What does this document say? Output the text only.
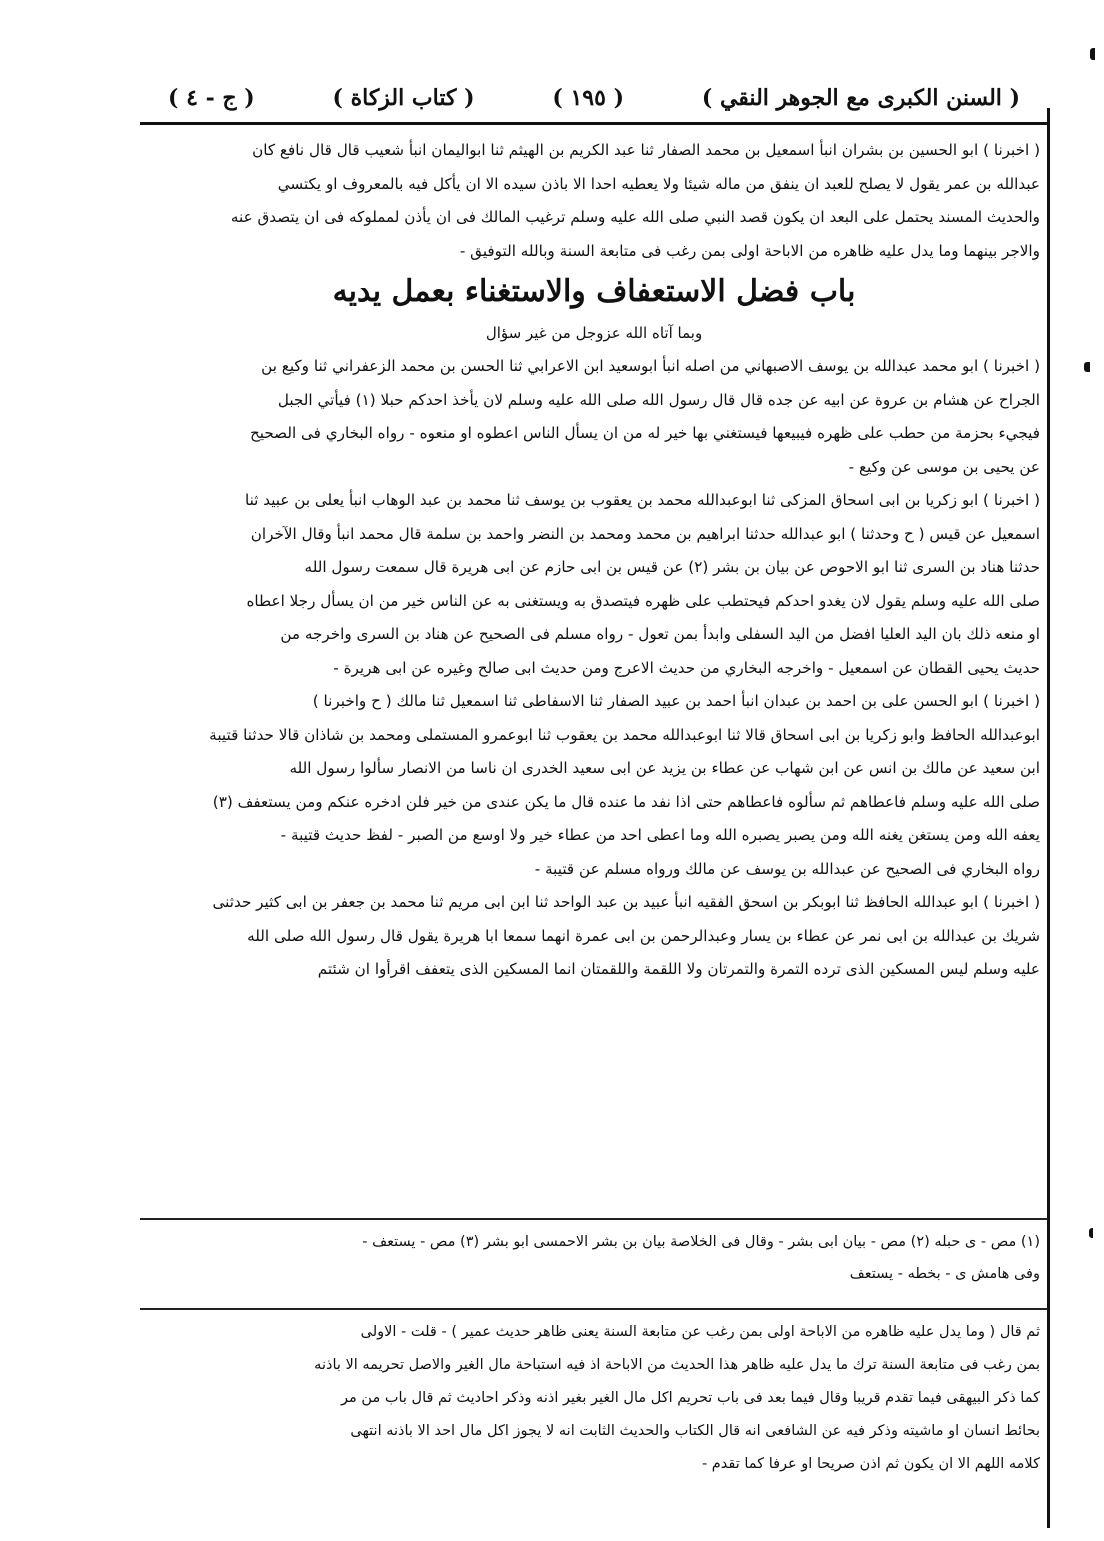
( السنن الكبرى مع الجوهر النقي )
( ١٩٥ )
( كتاب الزكاة )
( ج - ٤ )

( اخبرنا ) ابو الحسين بن بشران انبأ اسمعيل بن محمد الصفار ثنا عبد الكريم بن الهيثم ثنا ابواليمان انبأ شعيب قال قال نافع كان
عبدالله بن عمر يقول لا يصلح للعبد ان ينفق من ماله شيئا ولا يعطيه احدا الا باذن سيده الا ان يأكل فيه بالمعروف او يكتسي
والحديث المسند يحتمل على البعد ان يكون قصد النبي صلى الله عليه وسلم ترغيب المالك فى ان يأذن لمملوكه فى ان يتصدق عنه
والاجر بينهما وما يدل عليه ظاهره من الاباحة اولى بمن رغب فى متابعة السنة وبالله التوفيق -

باب فضل الاستعفاف والاستغناء بعمل يديه

وبما آتاه الله عزوجل من غير سؤال

( اخبرنا ) ابو محمد عبدالله بن يوسف الاصبهاني من اصله انبأ ابوسعيد ابن الاعرابي ثنا الحسن بن محمد الزعفراني ثنا وكيع بن
الجراح عن هشام بن عروة عن ابيه عن جده قال قال رسول الله صلى الله عليه وسلم لان يأخذ احدكم حبلا (١) فيأتي الجبل
فيجيء بحزمة من حطب على ظهره فيبيعها فيستغني بها خير له من ان يسأل الناس اعطوه او منعوه - رواه البخاري فى الصحيح
عن يحيى بن موسى عن وكيع -

( اخبرنا ) ابو زكريا بن ابى اسحاق المزكى ثنا ابوعبدالله محمد بن يعقوب بن يوسف ثنا محمد بن عبد الوهاب انبأ يعلى بن عبيد ثنا
اسمعيل عن قيس ( ح وحدثنا ) ابو عبدالله حدثنا ابراهيم بن محمد ومحمد بن النضر واحمد بن سلمة قال محمد انبأ وقال الآخران
حدثنا هناد بن السرى ثنا ابو الاحوص عن بيان بن بشر (٢) عن قيس بن ابى حازم عن ابى هريرة قال سمعت رسول الله
صلى الله عليه وسلم يقول لان يغدو احدكم فيحتطب على ظهره فيتصدق به ويستغنى به عن الناس خير من ان يسأل رجلا اعطاه
او منعه ذلك بان اليد العليا افضل من اليد السفلى وابدأ بمن تعول - رواه مسلم فى الصحيح عن هناد بن السرى واخرجه من
حديث يحيى القطان عن اسمعيل - واخرجه البخاري من حديث الاعرج ومن حديث ابى صالح وغيره عن ابى هريرة -

( اخبرنا ) ابو الحسن على بن احمد بن عبدان انبأ احمد بن عبيد الصفار ثنا الاسفاطى ثنا اسمعيل ثنا مالك ( ح واخبرنا )
ابوعبدالله الحافظ وابو زكريا بن ابى اسحاق قالا ثنا ابوعبدالله محمد بن يعقوب ثنا ابوعمرو المستملى ومحمد بن شاذان قالا حدثنا قتيبة
ابن سعيد عن مالك بن انس عن ابن شهاب عن عطاء بن يزيد عن ابى سعيد الخدرى ان ناسا من الانصار سألوا رسول الله
صلى الله عليه وسلم فاعطاهم ثم سألوه فاعطاهم حتى اذا نفد ما عنده قال ما يكن عندى من خير فلن ادخره عنكم ومن يستعفف (٣)
يعفه الله ومن يستغن يغنه الله ومن يصبر يصبره الله وما اعطى احد من عطاء خير ولا اوسع من الصبر - لفظ حديث قتيبة -
رواه البخاري فى الصحيح عن عبدالله بن يوسف عن مالك ورواه مسلم عن قتيبة -

( اخبرنا ) ابو عبدالله الحافظ ثنا ابوبكر بن اسحق الفقيه انبأ عبيد بن عبد الواحد ثنا ابن ابى مريم ثنا محمد بن جعفر بن ابى كثير حدثنى
شريك بن عبدالله بن ابى نمر عن عطاء بن يسار وعبدالرحمن بن ابى عمرة انهما سمعا ابا هريرة يقول قال رسول الله صلى الله
عليه وسلم ليس المسكين الذى ترده التمرة والتمرتان ولا اللقمة واللقمتان انما المسكين الذى يتعفف اقرأوا ان شئتم

(١) مص - ى حبله (٢) مص - بيان ابى بشر - وقال فى الخلاصة بيان بن بشر الاحمسى ابو بشر (٣) مص - يستعف -
وفى هامش ى - بخطه - يستعف

ثم قال ( وما يدل عليه ظاهره من الاباحة اولى بمن رغب عن متابعة السنة يعنى ظاهر حديث عمير ) - قلت - الاولى
بمن رغب فى متابعة السنة ترك ما يدل عليه ظاهر هذا الحديث من الاباحة اذ فيه استباحة مال الغير والاصل تحريمه الا باذنه
كما ذكر البيهقى فيما تقدم قريبا وقال فيما بعد فى باب تحريم اكل مال الغير بغير اذنه وذكر احاديث ثم قال باب من مر
بحائط انسان او ماشيته وذكر فيه عن الشافعى انه قال الكتاب والحديث الثابت انه لا يجوز اكل مال احد الا باذنه انتهى
كلامه اللهم الا ان يكون ثم اذن صريحا او عرفا كما تقدم -
